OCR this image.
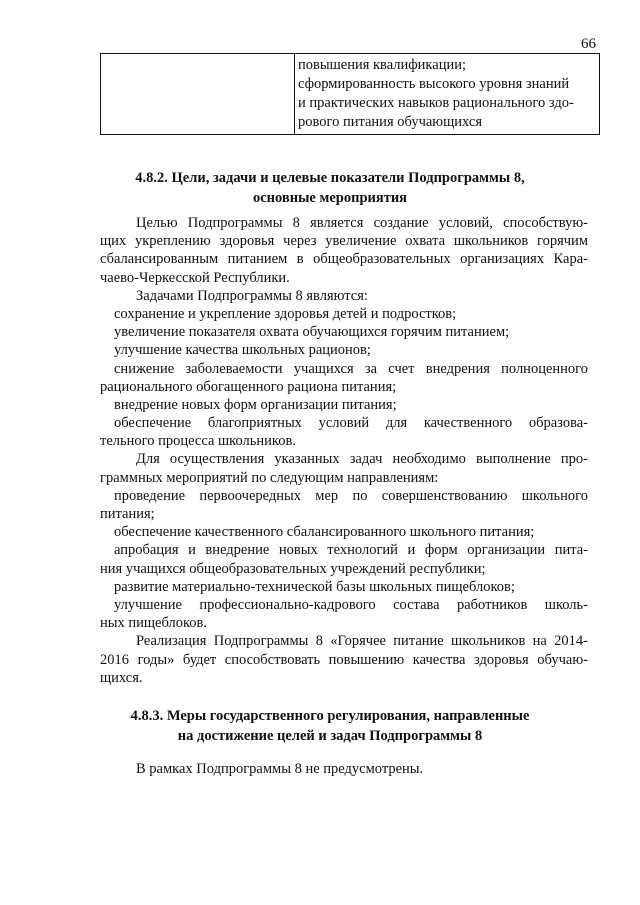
66
повышения квалификации;
сформированность высокого уровня знаний
и практических навыков рационального здо-
рового питания обучающихся
4.8.2. Цели, задачи и целевые показатели Подпрограммы 8,
основные мероприятия
Целью Подпрограммы 8 является создание условий, способствую-
щих укреплению здоровья через увеличение охвата школьников горячим
сбалансированным питанием в общеобразовательных организациях Кара-
чаево-Черкесской Республики.
Задачами Подпрограммы 8 являются:
сохранение и укрепление здоровья детей и подростков;
увеличение показателя охвата обучающихся горячим питанием;
улучшение качества школьных рационов;
снижение заболеваемости учащихся за счет внедрения полноценного
рационального обогащенного рациона питания;
внедрение новых форм организации питания;
обеспечение благоприятных условий для качественного образова-
тельного процесса школьников.
Для осуществления указанных задач необходимо выполнение про-
граммных мероприятий по следующим направлениям:
проведение первоочередных мер по совершенствованию школьного
питания;
обеспечение качественного сбалансированного школьного питания;
апробация и внедрение новых технологий и форм организации пита-
ния учащихся общеобразовательных учреждений республики;
развитие материально-технической базы школьных пищеблоков;
улучшение профессионально-кадрового состава работников школь-
ных пищеблоков.
Реализация Подпрограммы 8 «Горячее питание школьников на 2014-
2016 годы» будет способствовать повышению качества здоровья обучаю-
щихся.
4.8.3. Меры государственного регулирования, направленные
на достижение целей и задач Подпрограммы 8
В рамках Подпрограммы 8 не предусмотрены.
